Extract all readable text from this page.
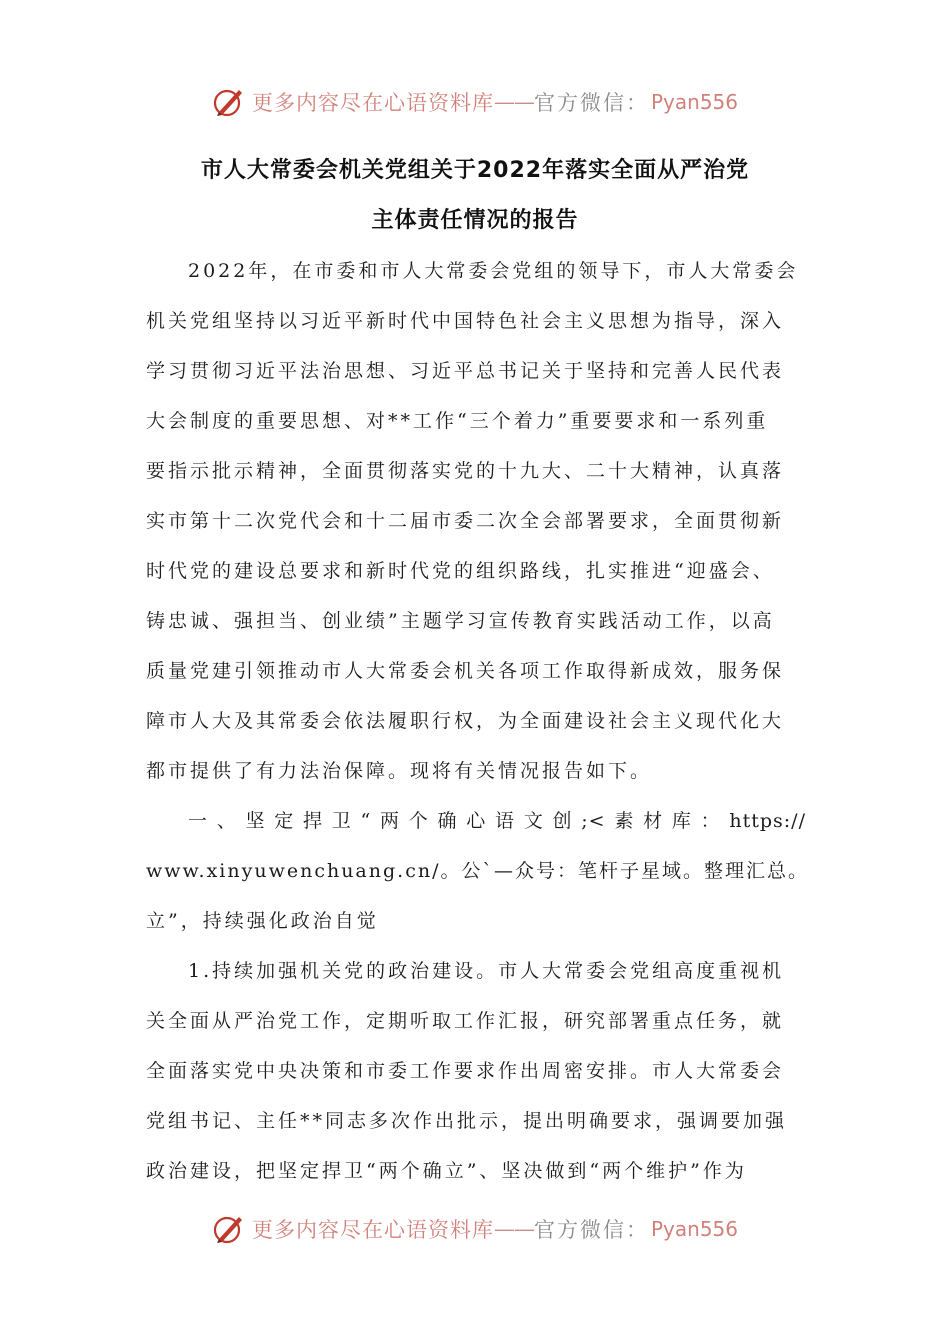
更多内容尽在心语资料库 —— 官方微信： Pyan556
市人大常委会机关党组关于2022年落实全面从严治党
主体责任情况的报告
2022年，在市委和市人大常委会党组的领导下，市人大常委会
机关党组坚持以习近平新时代中国特色社会主义思想为指导，深入
学习贯彻习近平法治思想、习近平总书记关于坚持和完善人民代表
大会制度的重要思想、对**工作“三个着力”重要要求和一系列重
要指示批示精神，全面贯彻落实党的十九大、二十大精神，认真落
实市第十二次党代会和十二届市委二次全会部署要求，全面贯彻新
时代党的建设总要求和新时代党的组织路线，扎实推进“迎盛会、
铸忠诚、强担当、创业绩”主题学习宣传教育实践活动工作，以高
质量党建引领推动市人大常委会机关各项工作取得新成效，服务保
障市人大及其常委会依法履职行权，为全面建设社会主义现代化大
都市提供了有力法治保障。现将有关情况报告如下。
一、坚定捍卫“两个确心语文创;<素材库：https://
www.xinyuwenchuang.cn/。公`—众号：笔杆子星域。整理汇总。
立”，持续强化政治自觉
1.持续加强机关党的政治建设。市人大常委会党组高度重视机
关全面从严治党工作，定期听取工作汇报，研究部署重点任务，就
全面落实党中央决策和市委工作要求作出周密安排。市人大常委会
党组书记、主任**同志多次作出批示，提出明确要求，强调要加强
政治建设，把坚定捍卫“两个确立”、坚决做到“两个维护”作为
更多内容尽在心语资料库 —— 官方微信： Pyan556
